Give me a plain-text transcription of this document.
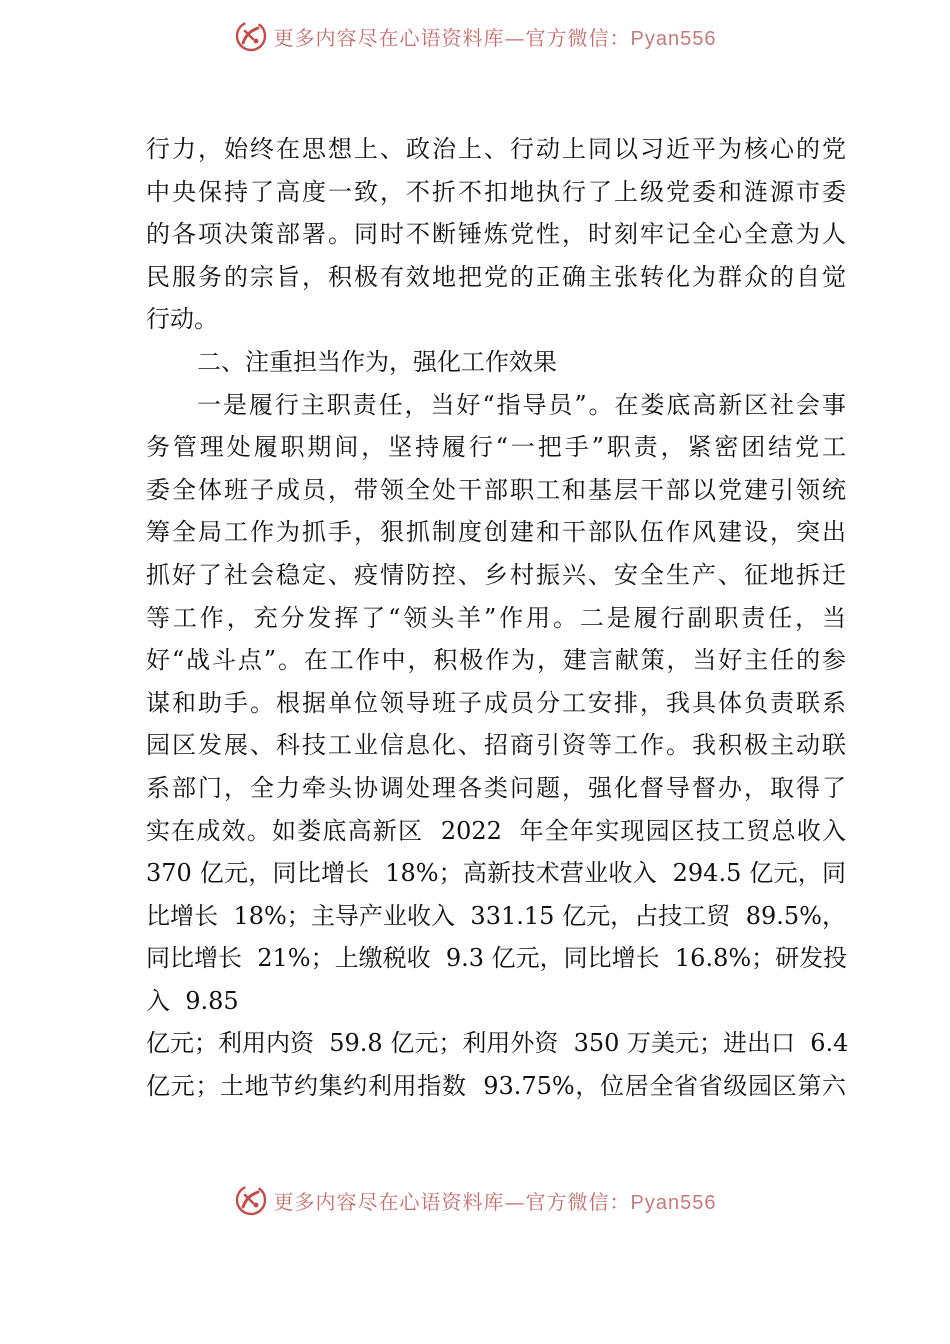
更多内容尽在心语资料库—官方微信：Pyan556
行力，始终在思想上、政治上、行动上同以习近平为核心的党
中央保持了高度一致，不折不扣地执行了上级党委和涟源市委
的各项决策部署。同时不断锤炼党性，时刻牢记全心全意为人
民服务的宗旨，积极有效地把党的正确主张转化为群众的自觉
行动。
二、注重担当作为，强化工作效果
一是履行主职责任，当好“指导员”。在娄底高新区社会事
务管理处履职期间，坚持履行“一把手”职责，紧密团结党工
委全体班子成员，带领全处干部职工和基层干部以党建引领统
筹全局工作为抓手，狠抓制度创建和干部队伍作风建设，突出
抓好了社会稳定、疫情防控、乡村振兴、安全生产、征地拆迁
等工作，充分发挥了“领头羊”作用。二是履行副职责任，当
好“战斗点”。在工作中，积极作为，建言献策，当好主任的参
谋和助手。根据单位领导班子成员分工安排，我具体负责联系
园区发展、科技工业信息化、招商引资等工作。我积极主动联
系部门，全力牵头协调处理各类问题，强化督导督办，取得了
实在成效。如娄底高新区  2022  年全年实现园区技工贸总收入
370 亿元，同比增长  18%；高新技术营业收入  294.5 亿元，同
比增长  18%；主导产业收入  331.15 亿元，占技工贸  89.5%，
同比增长  21%；上缴税收  9.3 亿元，同比增长  16.8%；研发投
入  9.85
亿元；利用内资  59.8 亿元；利用外资  350 万美元；进出口  6.4
亿元；土地节约集约利用指数  93.75%，位居全省省级园区第六
更多内容尽在心语资料库—官方微信：Pyan556
